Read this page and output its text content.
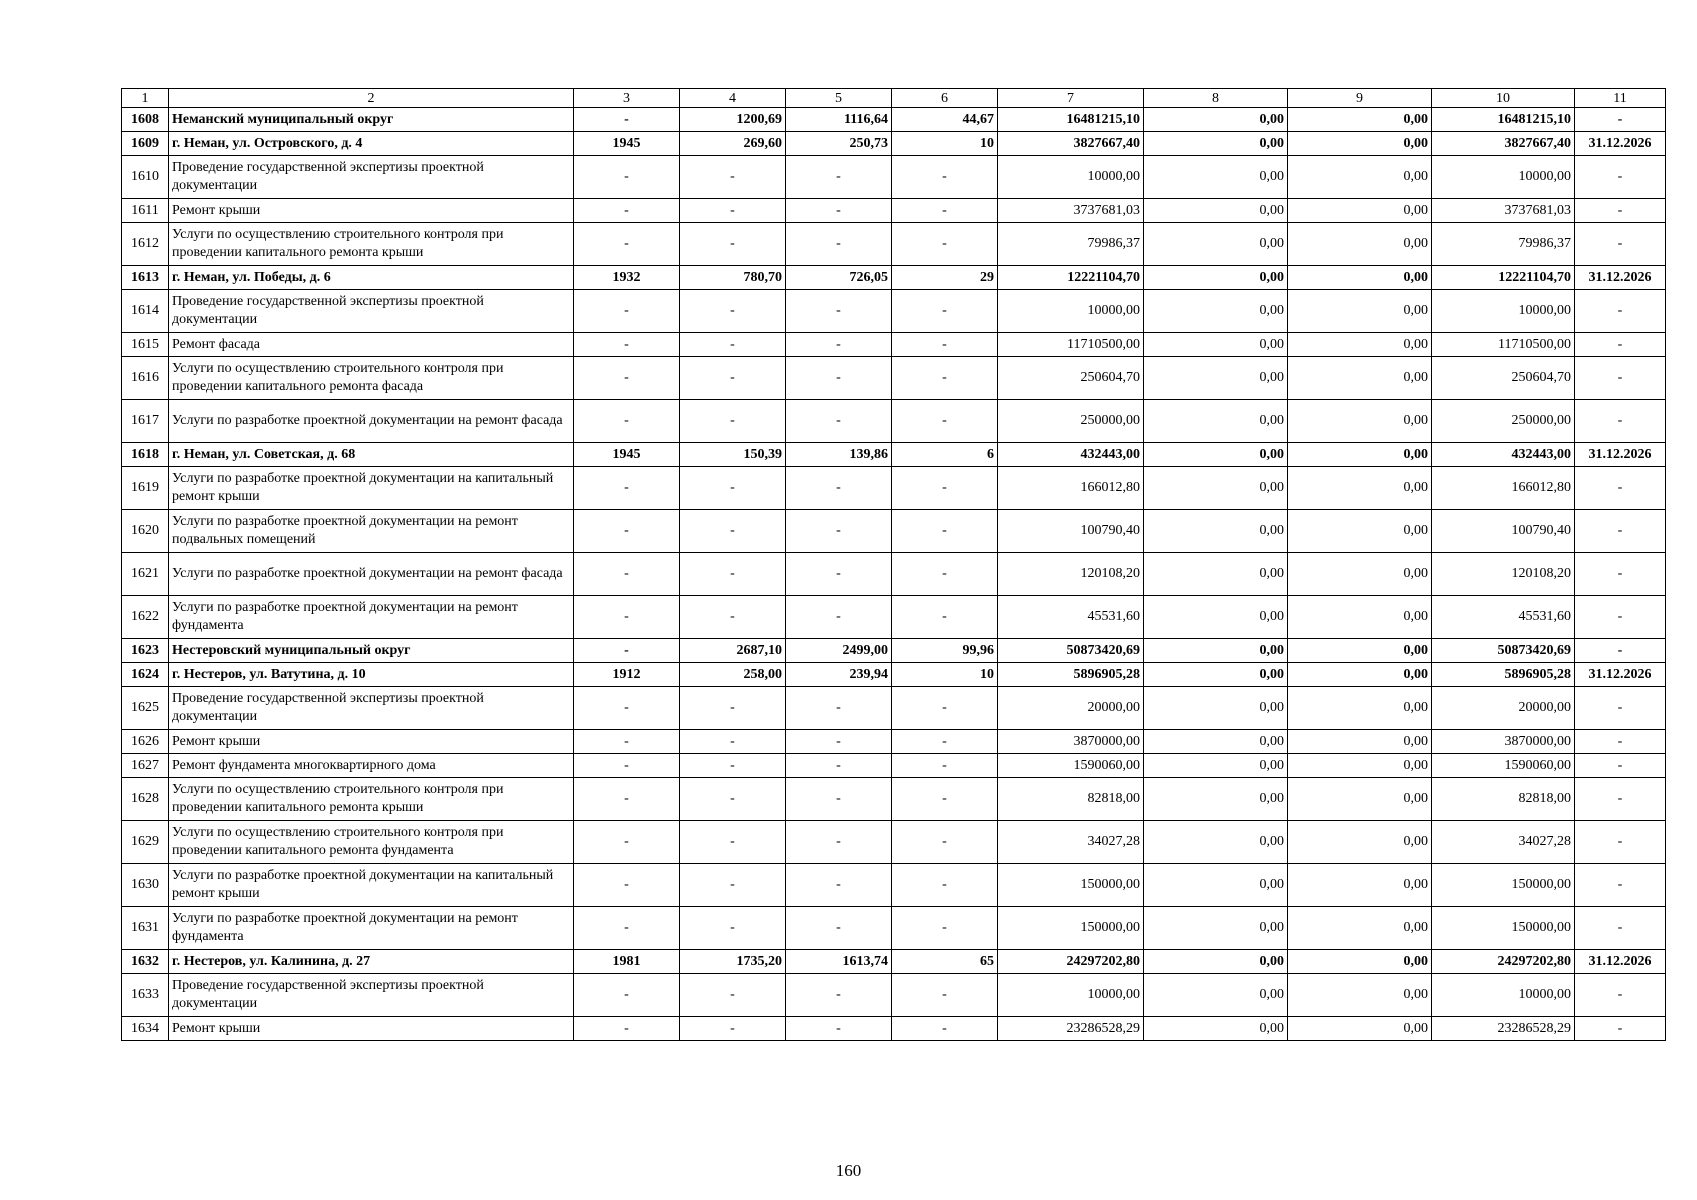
1	2	3	4	5	6	7	8	9	10	11
1608	Неманский муниципальный округ	-	1200,69	1116,64	44,67	16481215,10	0,00	0,00	16481215,10	-
1609	г. Неман, ул. Островского, д. 4	1945	269,60	250,73	10	3827667,40	0,00	0,00	3827667,40	31.12.2026
1610	Проведение государственной экспертизы проектной документации	-	-	-	-	10000,00	0,00	0,00	10000,00	-
1611	Ремонт крыши	-	-	-	-	3737681,03	0,00	0,00	3737681,03	-
1612	Услуги по осуществлению строительного контроля при проведении капитального ремонта крыши	-	-	-	-	79986,37	0,00	0,00	79986,37	-
1613	г. Неман, ул. Победы, д. 6	1932	780,70	726,05	29	12221104,70	0,00	0,00	12221104,70	31.12.2026
1614	Проведение государственной экспертизы проектной документации	-	-	-	-	10000,00	0,00	0,00	10000,00	-
1615	Ремонт фасада	-	-	-	-	11710500,00	0,00	0,00	11710500,00	-
1616	Услуги по осуществлению строительного контроля при проведении капитального ремонта фасада	-	-	-	-	250604,70	0,00	0,00	250604,70	-
1617	Услуги по разработке проектной документации на ремонт фасада	-	-	-	-	250000,00	0,00	0,00	250000,00	-
1618	г. Неман, ул. Советская, д. 68	1945	150,39	139,86	6	432443,00	0,00	0,00	432443,00	31.12.2026
1619	Услуги по разработке проектной документации на капитальный ремонт крыши	-	-	-	-	166012,80	0,00	0,00	166012,80	-
1620	Услуги по разработке проектной документации на ремонт подвальных помещений	-	-	-	-	100790,40	0,00	0,00	100790,40	-
1621	Услуги по разработке проектной документации на ремонт фасада	-	-	-	-	120108,20	0,00	0,00	120108,20	-
1622	Услуги по разработке проектной документации на ремонт фундамента	-	-	-	-	45531,60	0,00	0,00	45531,60	-
1623	Нестеровский муниципальный округ	-	2687,10	2499,00	99,96	50873420,69	0,00	0,00	50873420,69	-
1624	г. Нестеров, ул. Ватутина, д. 10	1912	258,00	239,94	10	5896905,28	0,00	0,00	5896905,28	31.12.2026
1625	Проведение государственной экспертизы проектной документации	-	-	-	-	20000,00	0,00	0,00	20000,00	-
1626	Ремонт крыши	-	-	-	-	3870000,00	0,00	0,00	3870000,00	-
1627	Ремонт фундамента многоквартирного дома	-	-	-	-	1590060,00	0,00	0,00	1590060,00	-
1628	Услуги по осуществлению строительного контроля при проведении капитального ремонта крыши	-	-	-	-	82818,00	0,00	0,00	82818,00	-
1629	Услуги по осуществлению строительного контроля при проведении капитального ремонта фундамента	-	-	-	-	34027,28	0,00	0,00	34027,28	-
1630	Услуги по разработке проектной документации на капитальный ремонт крыши	-	-	-	-	150000,00	0,00	0,00	150000,00	-
1631	Услуги по разработке проектной документации на ремонт фундамента	-	-	-	-	150000,00	0,00	0,00	150000,00	-
1632	г. Нестеров, ул. Калинина, д. 27	1981	1735,20	1613,74	65	24297202,80	0,00	0,00	24297202,80	31.12.2026
1633	Проведение государственной экспертизы проектной документации	-	-	-	-	10000,00	0,00	0,00	10000,00	-
1634	Ремонт крыши	-	-	-	-	23286528,29	0,00	0,00	23286528,29	-
160
